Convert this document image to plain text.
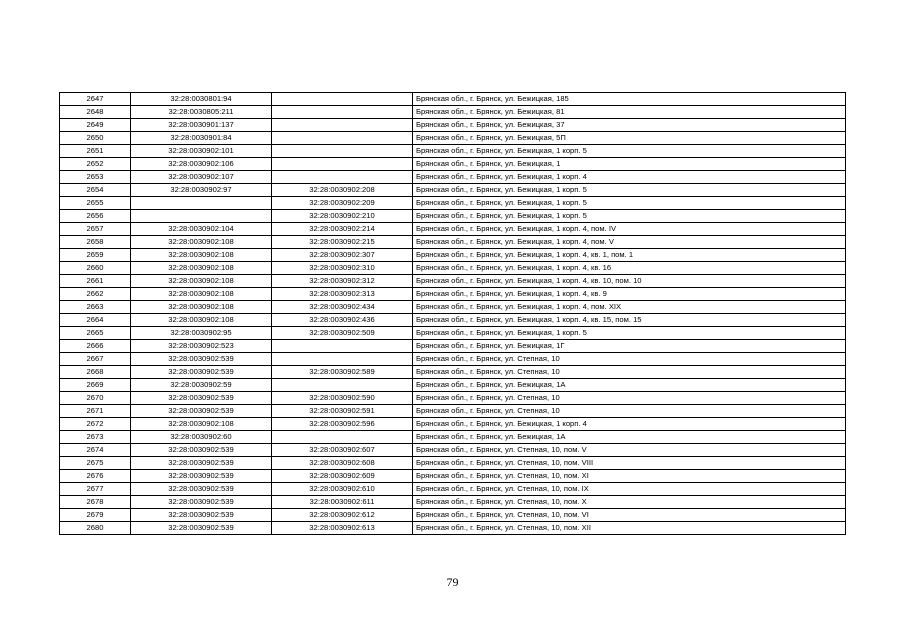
2647	32:28:0030801:94		Брянская обл., г. Брянск, ул. Бежицкая, 185
2648	32:28:0030805:211		Брянская обл., г. Брянск, ул. Бежицкая, 81
2649	32:28:0030901:137		Брянская обл., г. Брянск, ул. Бежицкая, 37
2650	32:28:0030901:84		Брянская обл., г. Брянск, ул. Бежицкая, 5П
2651	32:28:0030902:101		Брянская обл., г. Брянск, ул. Бежицкая, 1 корп. 5
2652	32:28:0030902:106		Брянская обл., г. Брянск, ул. Бежицкая, 1
2653	32:28:0030902:107		Брянская обл., г. Брянск, ул. Бежицкая, 1 корп. 4
2654	32:28:0030902:97	32:28:0030902:208	Брянская обл., г. Брянск, ул. Бежицкая, 1 корп. 5
2655		32:28:0030902:209	Брянская обл., г. Брянск, ул. Бежицкая, 1 корп. 5
2656		32:28:0030902:210	Брянская обл., г. Брянск, ул. Бежицкая, 1 корп. 5
2657	32:28:0030902:104	32:28:0030902:214	Брянская обл., г. Брянск, ул. Бежицкая, 1 корп. 4, пом. IV
2658	32:28:0030902:108	32:28:0030902:215	Брянская обл., г. Брянск, ул. Бежицкая, 1 корп. 4, пом. V
2659	32:28:0030902:108	32:28:0030902:307	Брянская обл., г. Брянск, ул. Бежицкая, 1 корп. 4, кв. 1, пом. 1
2660	32:28:0030902:108	32:28:0030902:310	Брянская обл., г. Брянск, ул. Бежицкая, 1 корп. 4, кв. 16
2661	32:28:0030902:108	32:28:0030902:312	Брянская обл., г. Брянск, ул. Бежицкая, 1 корп. 4, кв. 10, пом. 10
2662	32:28:0030902:108	32:28:0030902:313	Брянская обл., г. Брянск, ул. Бежицкая, 1 корп. 4, кв. 9
2663	32:28:0030902:108	32:28:0030902:434	Брянская обл., г. Брянск, ул. Бежицкая, 1 корп. 4, пом. XIX
2664	32:28:0030902:108	32:28:0030902:436	Брянская обл., г. Брянск, ул. Бежицкая, 1 корп. 4, кв. 15, пом. 15
2665	32:28:0030902:95	32:28:0030902:509	Брянская обл., г. Брянск, ул. Бежицкая, 1 корп. 5
2666	32:28:0030902:523		Брянская обл., г. Брянск, ул. Бежицкая, 1Г
2667	32:28:0030902:539		Брянская обл., г. Брянск, ул. Степная, 10
2668	32:28:0030902:539	32:28:0030902:589	Брянская обл., г. Брянск, ул. Степная, 10
2669	32:28:0030902:59		Брянская обл., г. Брянск, ул. Бежицкая, 1А
2670	32:28:0030902:539	32:28:0030902:590	Брянская обл., г. Брянск, ул. Степная, 10
2671	32:28:0030902:539	32:28:0030902:591	Брянская обл., г. Брянск, ул. Степная, 10
2672	32:28:0030902:108	32:28:0030902:596	Брянская обл., г. Брянск, ул. Бежицкая, 1 корп. 4
2673	32:28:0030902:60		Брянская обл., г. Брянск, ул. Бежицкая, 1А
2674	32:28:0030902:539	32:28:0030902:607	Брянская обл., г. Брянск, ул. Степная, 10, пом. V
2675	32:28:0030902:539	32:28:0030902:608	Брянская обл., г. Брянск, ул. Степная, 10, пом. VIII
2676	32:28:0030902:539	32:28:0030902:609	Брянская обл., г. Брянск, ул. Степная, 10, пом. XI
2677	32:28:0030902:539	32:28:0030902:610	Брянская обл., г. Брянск, ул. Степная, 10, пом. IX
2678	32:28:0030902:539	32:28:0030902:611	Брянская обл., г. Брянск, ул. Степная, 10, пом. X
2679	32:28:0030902:539	32:28:0030902:612	Брянская обл., г. Брянск, ул. Степная, 10, пом. VI
2680	32:28:0030902:539	32:28:0030902:613	Брянская обл., г. Брянск, ул. Степная, 10, пом. XII
79
